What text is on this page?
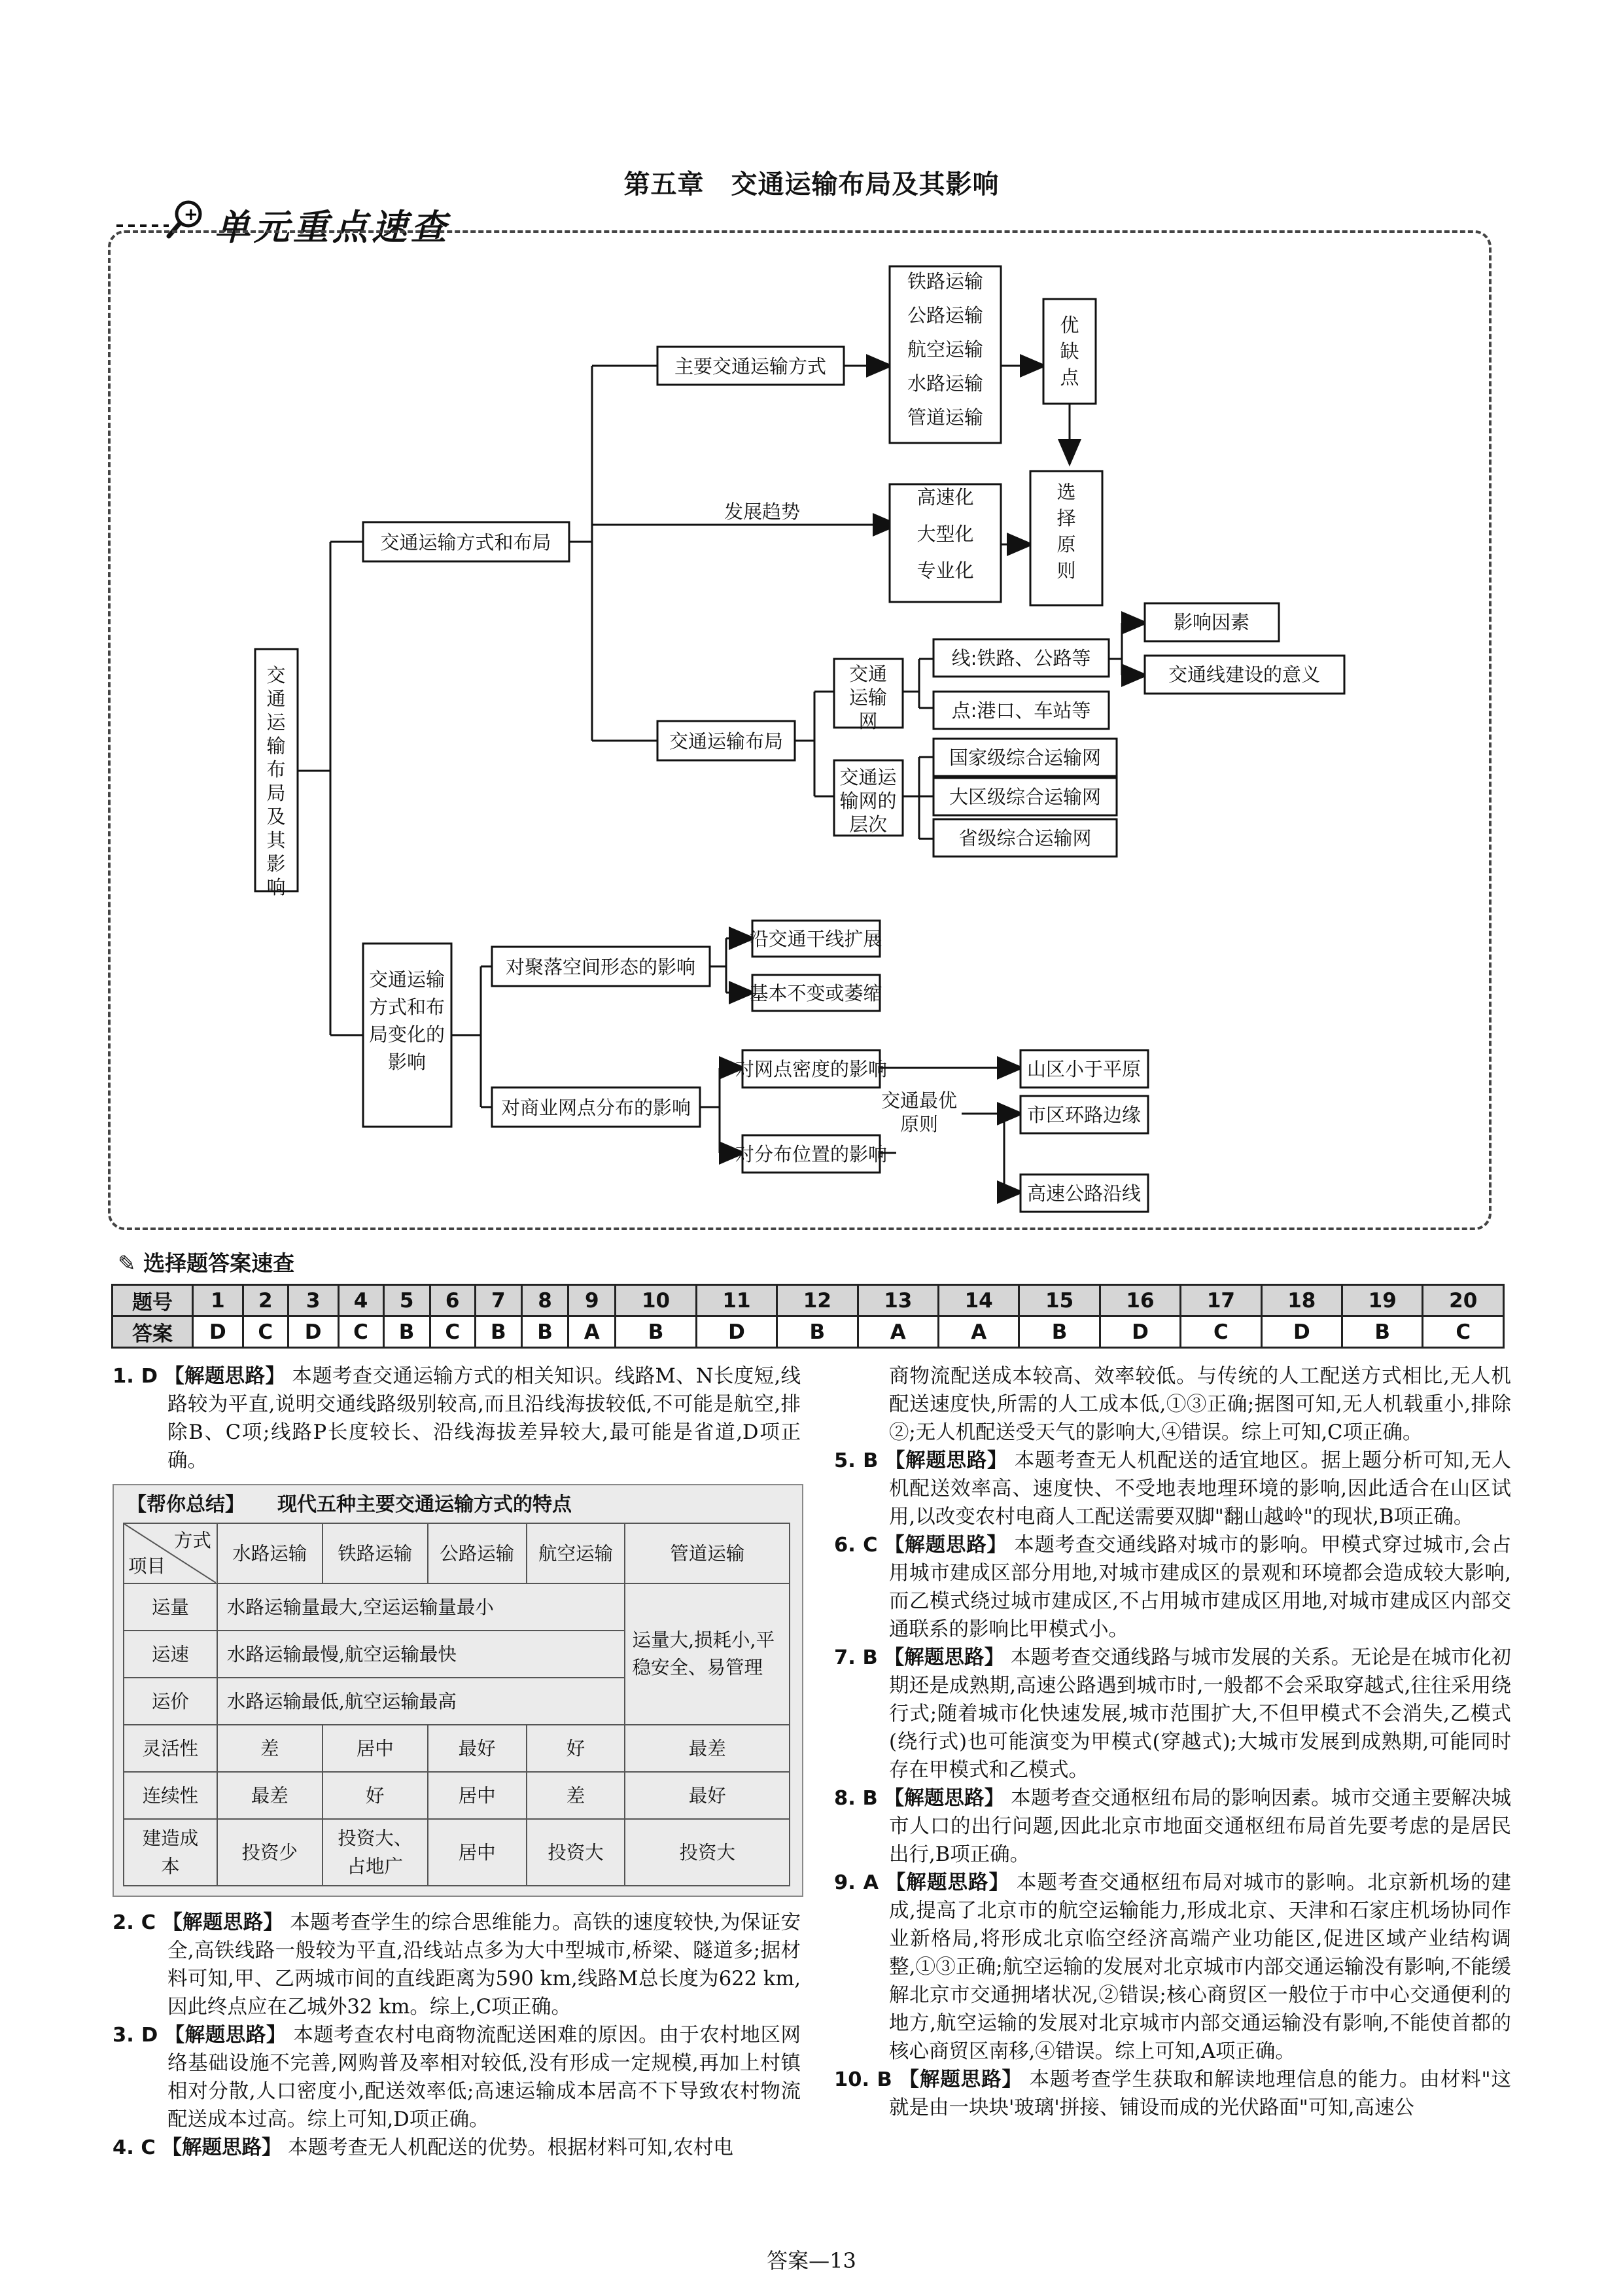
第五章　交通运输布局及其影响
+ 单元重点速查
交
通
运
输
布
局
及
其
影
响
交通运输方式和布局
主要交通运输方式
铁路运输
公路运输
航空运输
水路运输
管道运输
优
缺
点
发展趋势
高速化
大型化
专业化
选
择
原
则
交通运输布局
交通
运输
网
线:铁路、公路等
点:港口、车站等
影响因素
交通线建设的意义
交通运
输网的
层次
国家级综合运输网
大区级综合运输网
省级综合运输网
交通运输
方式和布
局变化的
影响
对聚落空间形态的影响
沿交通干线扩展
基本不变或萎缩
对商业网点分布的影响
对网点密度的影响
对分布位置的影响
交通最优
原则
山区小于平原
市区环路边缘
高速公路沿线
✎ 选择题答案速查
题号	1	2	3	4	5	6	7	8	9	10	11	12	13	14	15	16	17	18	19	20
答案	D	C	D	C	B	C	B	B	A	B	D	B	A	A	B	D	C	D	B	C
1. D 【解题思路】 本题考查交通运输方式的相关知识。线路M、N长度短,线路较为平直,说明交通线路级别较高,而且沿线海拔较低,不可能是航空,排除B、C项;线路P长度较长、沿线海拔差异较大,最可能是省道,D项正确。
【帮你总结】 现代五种主要交通运输方式的特点
方式
项目	水路运输	铁路运输	公路运输	航空运输	管道运输
运量	水路运输量最大,空运运输量最小				运量大,损耗小,平稳安全、易管理
运速	水路运输最慢,航空运输最快				
运价	水路运输最低,航空运输最高				
灵活性	差	居中	最好	好	最差
连续性	最差	好	居中	差	最好
建造成本	投资少	投资大、占地广	居中	投资大	投资大
2. C 【解题思路】 本题考查学生的综合思维能力。高铁的速度较快,为保证安全,高铁线路一般较为平直,沿线站点多为大中型城市,桥梁、隧道多;据材料可知,甲、乙两城市间的直线距离为590 km,线路M总长度为622 km,因此终点应在乙城外32 km。综上,C项正确。
3. D 【解题思路】 本题考查农村电商物流配送困难的原因。由于农村地区网络基础设施不完善,网购普及率相对较低,没有形成一定规模,再加上村镇相对分散,人口密度小,配送效率低;高速运输成本居高不下导致农村物流配送成本过高。综上可知,D项正确。
4. C 【解题思路】 本题考查无人机配送的优势。根据材料可知,农村电
商物流配送成本较高、效率较低。与传统的人工配送方式相比,无人机配送速度快,所需的人工成本低,①③正确;据图可知,无人机载重小,排除②;无人机配送受天气的影响大,④错误。综上可知,C项正确。
5. B 【解题思路】 本题考查无人机配送的适宜地区。据上题分析可知,无人机配送效率高、速度快、不受地表地理环境的影响,因此适合在山区试用,以改变农村电商人工配送需要双脚"翻山越岭"的现状,B项正确。
6. C 【解题思路】 本题考查交通线路对城市的影响。甲模式穿过城市,会占用城市建成区部分用地,对城市建成区的景观和环境都会造成较大影响,而乙模式绕过城市建成区,不占用城市建成区用地,对城市建成区内部交通联系的影响比甲模式小。
7. B 【解题思路】 本题考查交通线路与城市发展的关系。无论是在城市化初期还是成熟期,高速公路遇到城市时,一般都不会采取穿越式,往往采用绕行式;随着城市化快速发展,城市范围扩大,不但甲模式不会消失,乙模式(绕行式)也可能演变为甲模式(穿越式);大城市发展到成熟期,可能同时存在甲模式和乙模式。
8. B 【解题思路】 本题考查交通枢纽布局的影响因素。城市交通主要解决城市人口的出行问题,因此北京市地面交通枢纽布局首先要考虑的是居民出行,B项正确。
9. A 【解题思路】 本题考查交通枢纽布局对城市的影响。北京新机场的建成,提高了北京市的航空运输能力,形成北京、天津和石家庄机场协同作业新格局,将形成北京临空经济高端产业功能区,促进区域产业结构调整,①③正确;航空运输的发展对北京城市内部交通运输没有影响,不能缓解北京市交通拥堵状况,②错误;核心商贸区一般位于市中心交通便利的地方,航空运输的发展对北京城市内部交通运输没有影响,不能使首都的核心商贸区南移,④错误。综上可知,A项正确。
10. B 【解题思路】 本题考查学生获取和解读地理信息的能力。由材料"这就是由一块块'玻璃'拼接、铺设而成的光伏路面"可知,高速公
答案—13
